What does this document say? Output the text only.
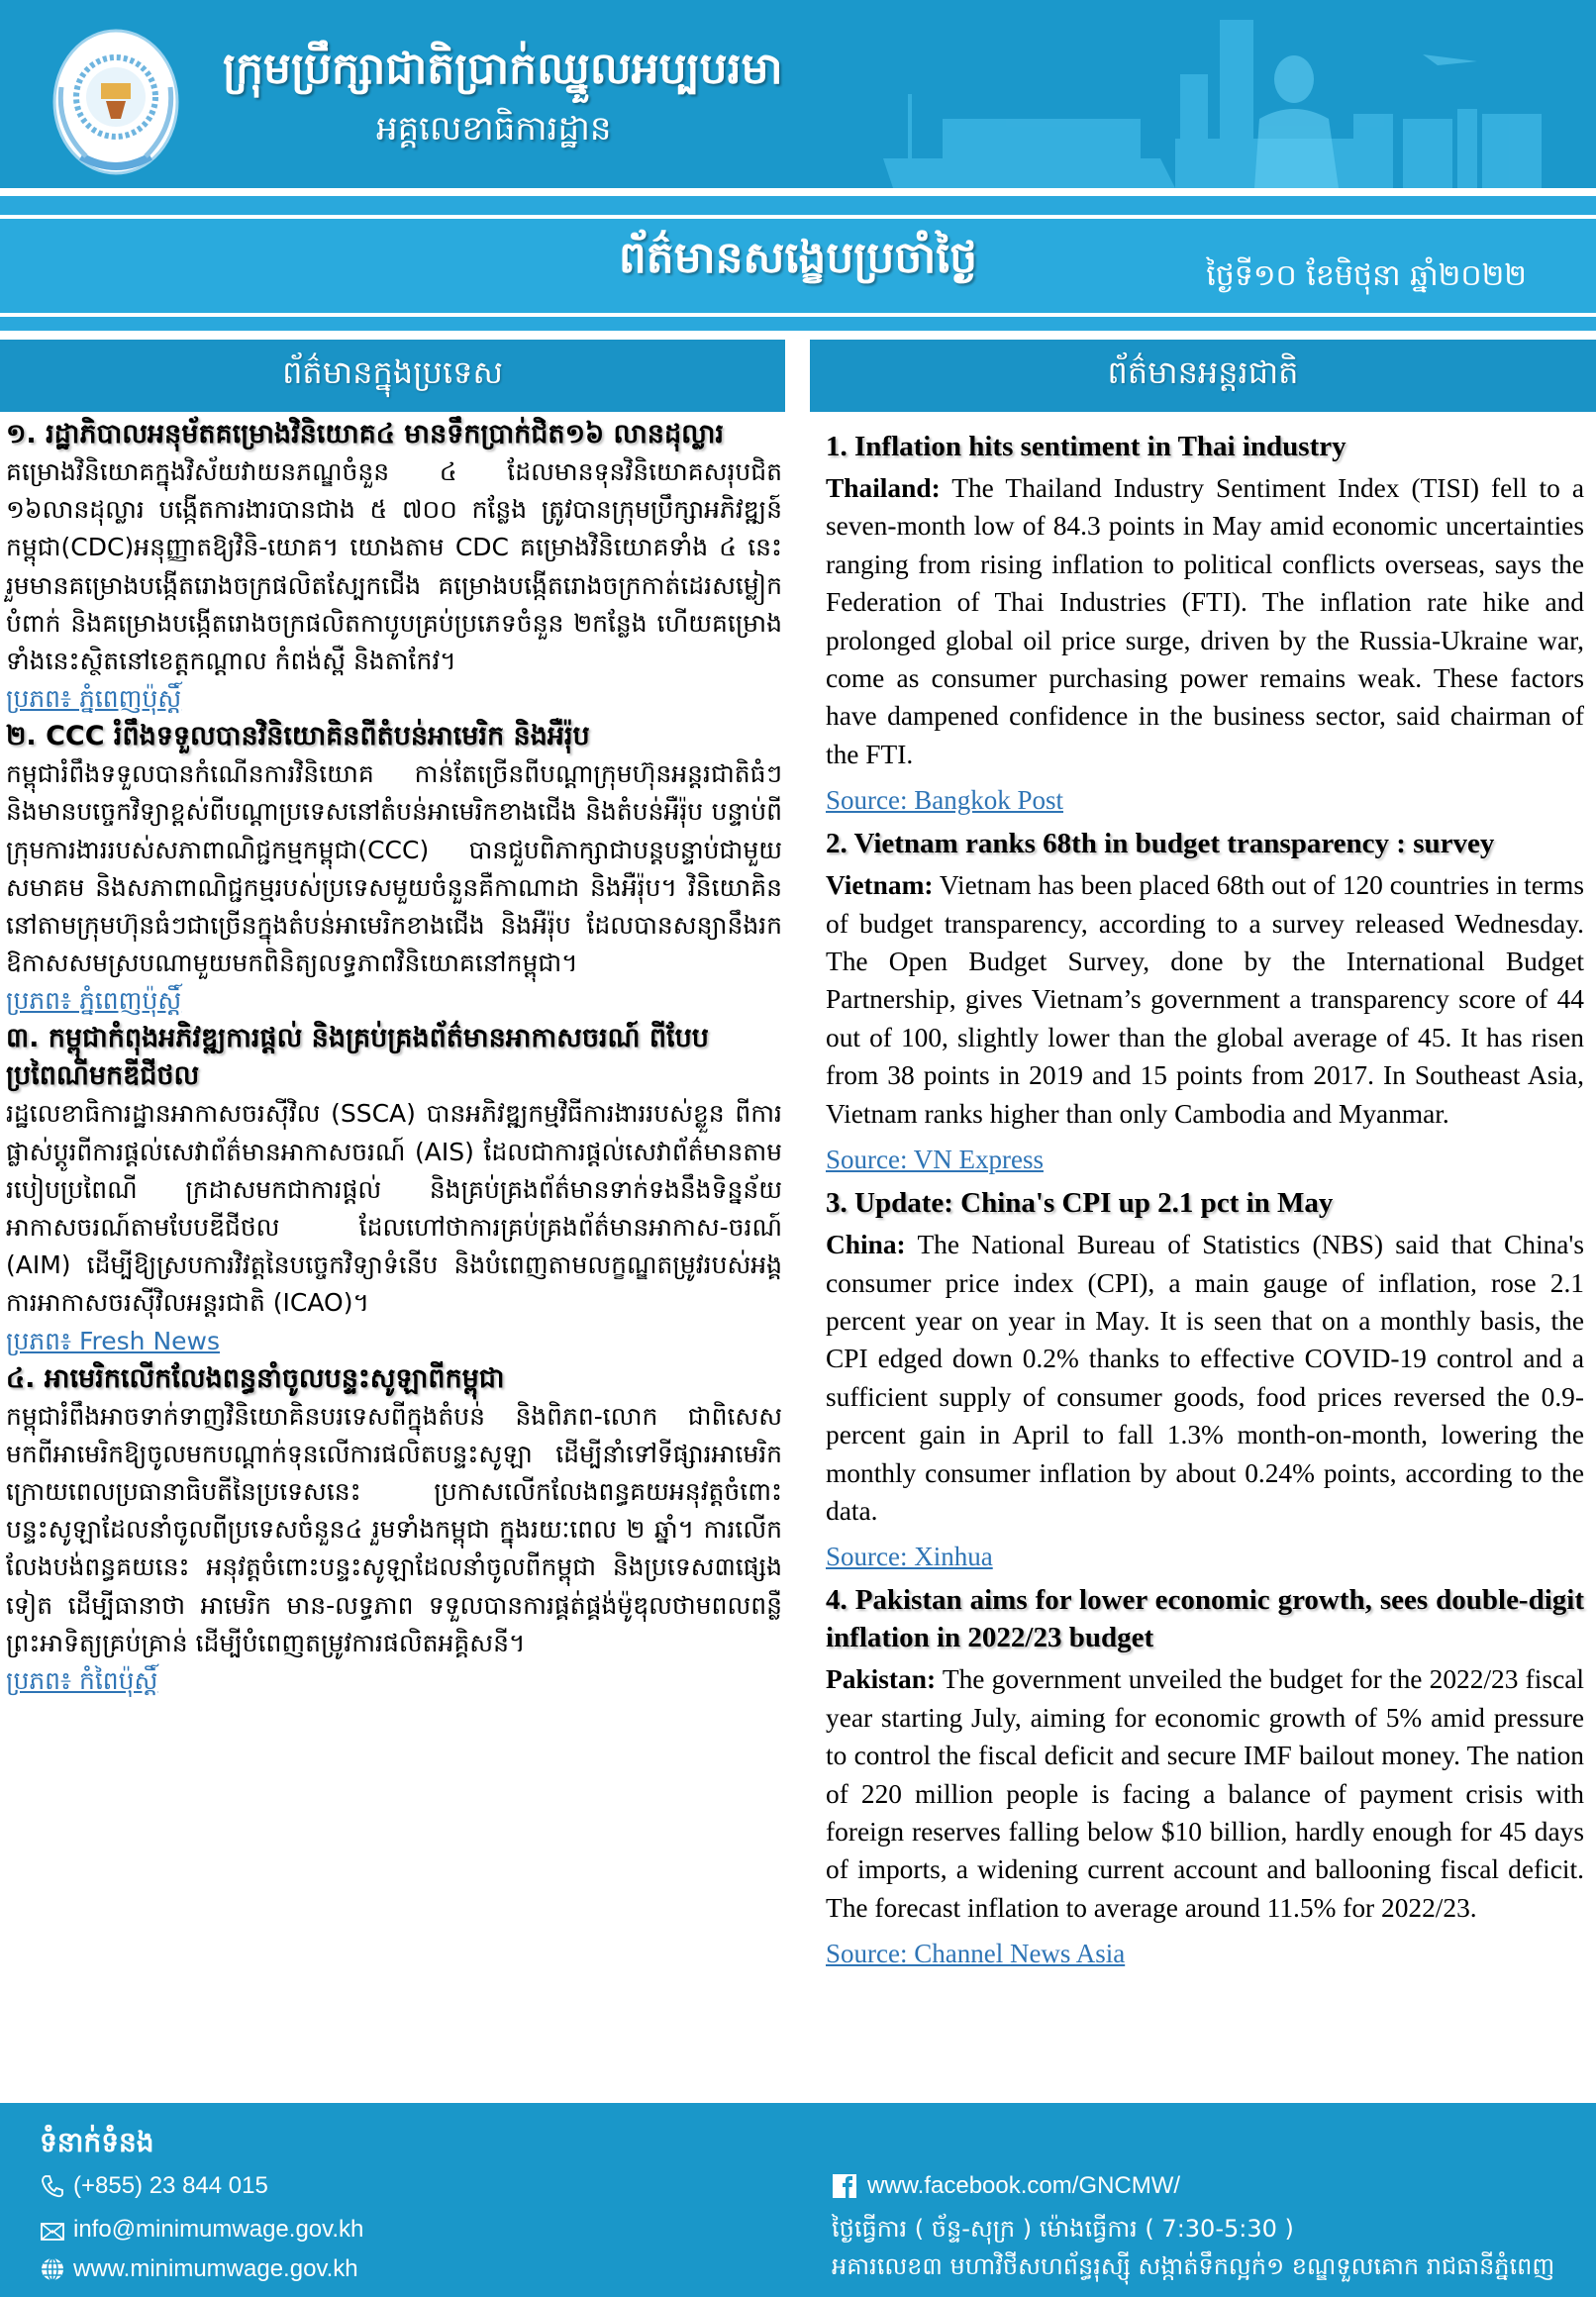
ក្រុមប្រឹក្សាជាតិប្រាក់ឈ្នួលអប្បបរមា
អគ្គលេខាធិការដ្ឋាន
ព័ត៌មានសង្ខេបប្រចាំថ្ងៃ	ថ្ងៃទី១០ ខែមិថុនា ឆ្នាំ២០២២
ព័ត៌មានក្នុងប្រទេស	ព័ត៌មានអន្តរជាតិ
១. រដ្ឋាភិបាលអនុម័តគម្រោងវិនិយោគ៤ មានទឹកប្រាក់ជិត១៦ លានដុល្លារ
គម្រោងវិនិយោគក្នុងវិស័យវាយនភណ្ឌចំនួន ៤ ដែលមានទុនវិនិយោគសរុបជិត ១៦លានដុល្លារ បង្កើតការងារបានជាង ៥ ៧០០ កន្លែង ត្រូវបានក្រុមប្រឹក្សាអភិវឌ្ឍន៍កម្ពុជា(CDC)អនុញ្ញាតឱ្យវិនិ-យោគ។ យោងតាម CDC គម្រោងវិនិយោគទាំង ៤ នេះរួមមានគម្រោងបង្កើតរោងចក្រផលិតស្បែកជើង គម្រោងបង្កើតរោងចក្រកាត់ដេរសម្លៀកបំពាក់ និងគម្រោងបង្កើតរោងចក្រផលិតកាបូបគ្រប់ប្រភេទចំនួន ២កន្លែង ហើយគម្រោងទាំងនេះស្ថិតនៅខេត្តកណ្តាល កំពង់ស្ពឺ និងតាកែវ។
ប្រភព៖ ភ្នំពេញប៉ុស្តិ៍
២. CCC រំពឹងទទួលបានវិនិយោគិនពីតំបន់អាមេរិក និងអឺរ៉ុប
កម្ពុជារំពឹងទទួលបានកំណើនការវិនិយោគ កាន់តែច្រើនពីបណ្តាក្រុមហ៊ុនអន្តរជាតិធំៗ និងមានបច្ចេកវិទ្យាខ្ពស់ពីបណ្តាប្រទេសនៅតំបន់អាមេរិកខាងជើង និងតំបន់អឺរ៉ុប បន្ទាប់ពីក្រុមការងាររបស់សភាពាណិជ្ជកម្មកម្ពុជា(CCC) បានជួបពិភាក្សាជាបន្តបន្ទាប់ជាមួយសមាគម និងសភាពាណិជ្ជកម្មរបស់ប្រទេសមួយចំនួនគឺកាណាដា និងអឺរ៉ុប។ វិនិយោគិននៅតាមក្រុមហ៊ុនធំៗជាច្រើនក្នុងតំបន់អាមេរិកខាងជើង និងអឺរ៉ុប ដែលបានសន្យានឹងរកឱកាសសមស្របណាមួយមកពិនិត្យលទ្ធភាពវិនិយោគនៅកម្ពុជា។
ប្រភព៖ ភ្នំពេញប៉ុស្តិ៍
៣. កម្ពុជាកំពុងអភិវឌ្ឍការផ្តល់ និងគ្រប់គ្រងព័ត៌មានអាកាសចរណ៍ ពីបែបប្រពៃណីមកឌីជីថល
រដ្ឋលេខាធិការដ្ឋានអាកាសចរស៊ីវិល (SSCA) បានអភិវឌ្ឍកម្មវិធីការងាររបស់ខ្លួន ពីការផ្លាស់ប្តូរពីការផ្តល់សេវាព័ត៌មានអាកាសចរណ៍ (AIS) ដែលជាការផ្តល់សេវាព័ត៌មានតាមរបៀបប្រពៃណី ក្រដាសមកជាការផ្តល់ និងគ្រប់គ្រងព័ត៌មានទាក់ទងនឹងទិន្នន័យអាកាសចរណ៍តាមបែបឌីជីថល ដែលហៅថាការគ្រប់គ្រងព័ត៌មានអាកាស-ចរណ៍ (AIM) ដើម្បីឱ្យស្របការវិវត្តនៃបច្ចេកវិទ្យាទំនើប និងបំពេញតាមលក្ខណ្ឌតម្រូវរបស់អង្គការអាកាសចរស៊ីវិលអន្តរជាតិ (ICAO)។
ប្រភព៖ Fresh News
៤. អាមេរិកលើកលែងពន្ធនាំចូលបន្ទះសូឡាពីកម្ពុជា
កម្ពុជារំពឹងអាចទាក់ទាញវិនិយោគិនបរទេសពីក្នុងតំបន់ និងពិភព-លោក ជាពិសេសមកពីអាមេរិកឱ្យចូលមកបណ្តាក់ទុនលើការផលិតបន្ទះសូឡា ដើម្បីនាំទៅទីផ្សារអាមេរិក ក្រោយពេលប្រធានាធិបតីនៃប្រទេសនេះ ប្រកាសលើកលែងពន្ធគយអនុវត្តចំពោះបន្ទះសូឡាដែលនាំចូលពីប្រទេសចំនួន៤ រួមទាំងកម្ពុជា ក្នុងរយៈពេល ២ ឆ្នាំ។ ការលើកលែងបង់ពន្ធគយនេះ អនុវត្តចំពោះបន្ទះសូឡាដែលនាំចូលពីកម្ពុជា និងប្រទេស៣ផ្សេងទៀត ដើម្បីធានាថា អាមេរិក មាន-លទ្ធភាព ទទួលបានការផ្គត់ផ្គង់ម៉ូឌុលថាមពលពន្លឺព្រះអាទិត្យគ្រប់គ្រាន់ ដើម្បីបំពេញតម្រូវការផលិតអគ្គិសនី។
ប្រភព៖ កំពៃប៉ុស្តិ៍
1. Inflation hits sentiment in Thai industry
Thailand: The Thailand Industry Sentiment Index (TISI) fell to a seven-month low of 84.3 points in May amid economic uncertainties ranging from rising inflation to political conflicts overseas, says the Federation of Thai Industries (FTI). The inflation rate hike and prolonged global oil price surge, driven by the Russia-Ukraine war, come as consumer purchasing power remains weak. These factors have dampened confidence in the business sector, said chairman of the FTI.
Source: Bangkok Post
2. Vietnam ranks 68th in budget transparency : survey
Vietnam: Vietnam has been placed 68th out of 120 countries in terms of budget transparency, according to a survey released Wednesday. The Open Budget Survey, done by the International Budget Partnership, gives Vietnam’s government a transparency score of 44 out of 100, slightly lower than the global average of 45. It has risen from 38 points in 2019 and 15 points from 2017. In Southeast Asia, Vietnam ranks higher than only Cambodia and Myanmar.
Source: VN Express
3. Update: China's CPI up 2.1 pct in May
China: The National Bureau of Statistics (NBS) said that China's consumer price index (CPI), a main gauge of inflation, rose 2.1 percent year on year in May. It is seen that on a monthly basis, the CPI edged down 0.2% thanks to effective COVID-19 control and a sufficient supply of consumer goods, food prices reversed the 0.9-percent gain in April to fall 1.3% month-on-month, lowering the monthly consumer inflation by about 0.24% points, according to the data.
Source: Xinhua
4. Pakistan aims for lower economic growth, sees double-digit inflation in 2022/23 budget
Pakistan: The government unveiled the budget for the 2022/23 fiscal year starting July, aiming for economic growth of 5% amid pressure to control the fiscal deficit and secure IMF bailout money. The nation of 220 million people is facing a balance of payment crisis with foreign reserves falling below $10 billion, hardly enough for 45 days of imports, a widening current account and ballooning fiscal deficit. The forecast inflation to average around 11.5% for 2022/23.
Source: Channel News Asia
ទំនាក់ទំនង
(+855) 23 844 015
info@minimumwage.gov.kh
www.minimumwage.gov.kh
www.facebook.com/GNCMW/
ថ្ងៃធ្វើការ ( ច័ន្ទ-សុក្រ ) ម៉ោងធ្វើការ ( 7:30-5:30 )
អគារលេខ៣ មហាវិថីសហព័ន្ធរុស្ស៊ី សង្កាត់ទឹកល្អក់១ ខណ្ឌទួលគោក រាជធានីភ្នំពេញ
